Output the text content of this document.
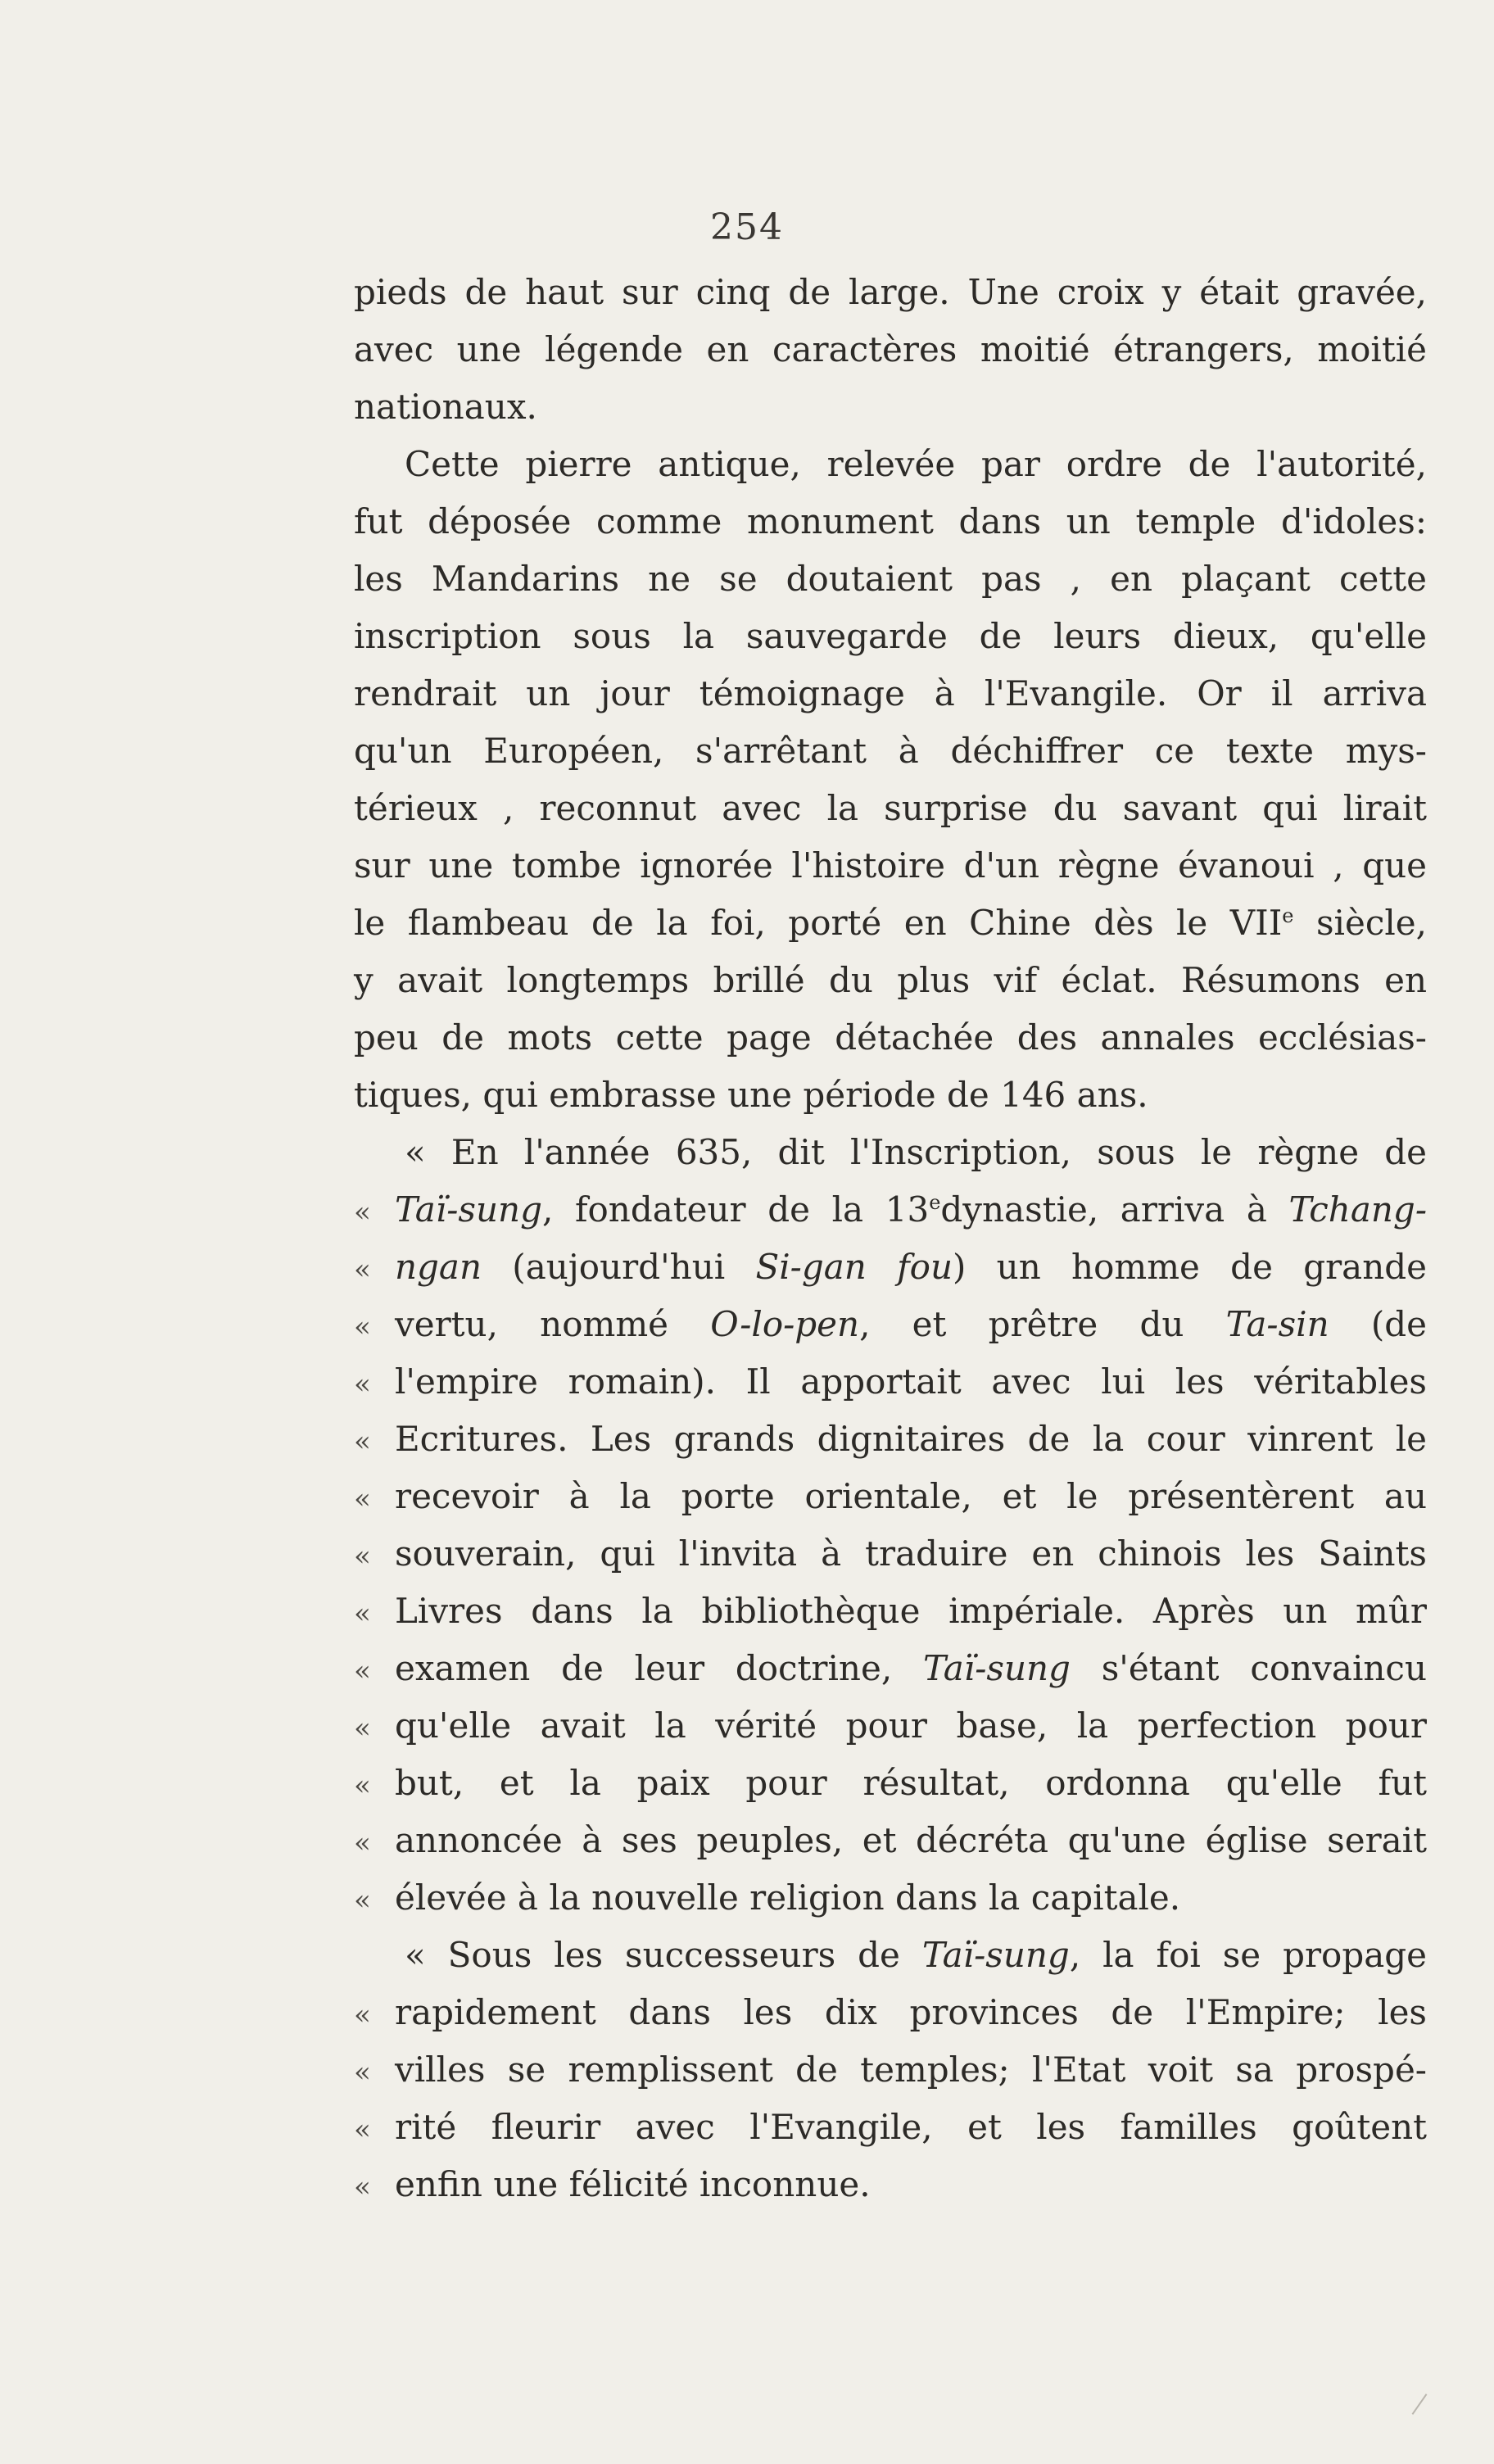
254
pieds de haut sur cinq de large. Une croix y était gravée,
avec une légende en caractères moitié étrangers, moitié
nationaux.
Cette pierre antique, relevée par ordre de l'autorité,
fut déposée comme monument dans un temple d'idoles:
les Mandarins ne se doutaient pas , en plaçant cette
inscription sous la sauvegarde de leurs dieux, qu'elle
rendrait un jour témoignage à l'Evangile. Or il arriva
qu'un Européen, s'arrêtant à déchiffrer ce texte mys-
térieux , reconnut avec la surprise du savant qui lirait
sur une tombe ignorée l'histoire d'un règne évanoui , que
le flambeau de la foi, porté en Chine dès le VIIe siècle,
y avait longtemps brillé du plus vif éclat. Résumons en
peu de mots cette page détachée des annales ecclésias-
tiques, qui embrasse une période de 146 ans.
« En l'année 635, dit l'Inscription, sous le règne de
«Taï-sung, fondateur de la 13edynastie, arriva à Tchang-
«ngan (aujourd'hui Si-gan fou) un homme de grande
«vertu, nommé O-lo-pen, et prêtre du Ta-sin (de
«l'empire romain). Il apportait avec lui les véritables
«Ecritures. Les grands dignitaires de la cour vinrent le
«recevoir à la porte orientale, et le présentèrent au
«souverain, qui l'invita à traduire en chinois les Saints
«Livres dans la bibliothèque impériale. Après un mûr
«examen de leur doctrine, Taï-sung s'étant convaincu
«qu'elle avait la vérité pour base, la perfection pour
«but, et la paix pour résultat, ordonna qu'elle fut
«annoncée à ses peuples, et décréta qu'une église serait
«élevée à la nouvelle religion dans la capitale.
« Sous les successeurs de Taï-sung, la foi se propage
«rapidement dans les dix provinces de l'Empire; les
«villes se remplissent de temples; l'Etat voit sa prospé-
«rité fleurir avec l'Evangile, et les familles goûtent
«enfin une félicité inconnue.
